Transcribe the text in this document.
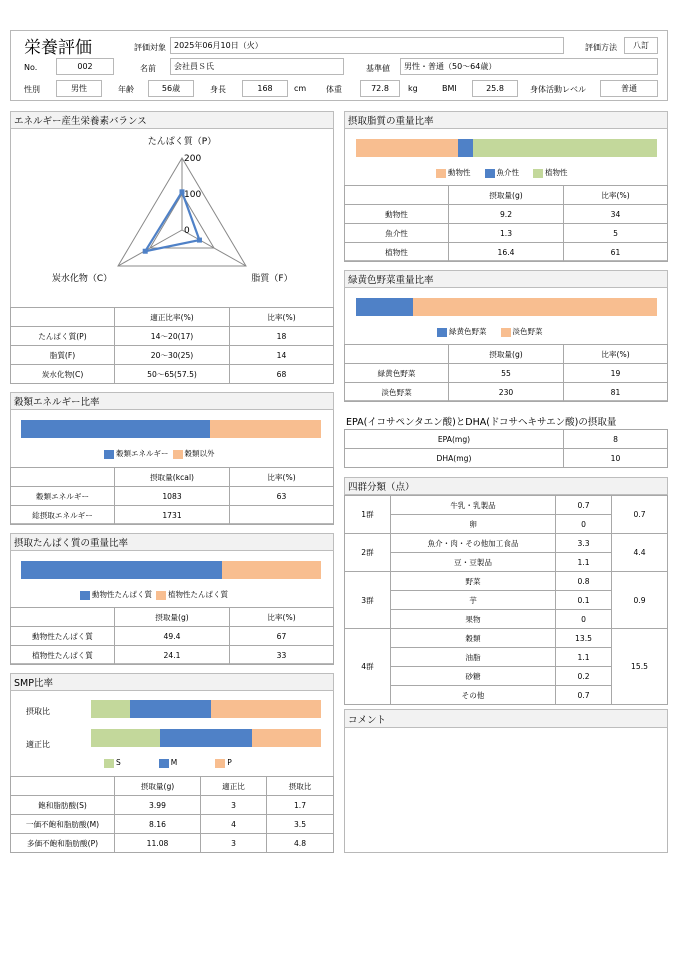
栄養評価	評価対象 2025年06月10日（火）	評価方法 八訂
No.	002	名前 会社員Ｓ氏	基準値 男性・普通（50～64歳）
性別	男性	年齢	56歳	身長	168	cm 体重	72.8 kg	BMI	25.8	身体活動レベル	普通
エネルギー産生栄養素バランス
200
100
0
たんぱく質（P）
脂質（F）
炭水化物（C）
	適正比率(%)	比率(%)
たんぱく質(P)	14～20(17)	18
脂質(F)	20～30(25)	14
炭水化物(C)	50～65(57.5)	68
穀類エネルギー比率
穀類エネルギー	穀類以外
	摂取量(kcal)	比率(%)
穀類エネルギー	1083	63
総摂取エネルギー	1731	
摂取たんぱく質の重量比率
動物性たんぱく質	植物性たんぱく質
	摂取量(g)	比率(%)
動物性たんぱく質	49.4	67
植物性たんぱく質	24.1	33
SMP比率
摂取比
適正比
S	M	P
	摂取量(g)	適正比	摂取比
飽和脂肪酸(S)	3.99	3	1.7
一価不飽和脂肪酸(M)	8.16	4	3.5
多価不飽和脂肪酸(P)	11.08	3	4.8
摂取脂質の重量比率
動物性	魚介性	植物性
	摂取量(g)	比率(%)
動物性	9.2	34
魚介性	1.3	5
植物性	16.4	61
緑黄色野菜重量比率
緑黄色野菜	淡色野菜
	摂取量(g)	比率(%)
緑黄色野菜	55	19
淡色野菜	230	81
EPA(イコサペンタエン酸)とDHA(ドコサヘキサエン酸)の摂取量
EPA(mg)	8
DHA(mg)	10
四群分類（点）
1群	牛乳・乳製品	0.7	0.7
	卵	0	
2群	魚介・肉・その他加工食品	3.3	4.4
	豆・豆製品	1.1	
3群	野菜	0.8	0.9
	芋	0.1	
	果物	0	
4群	穀類	13.5	15.5
	油脂	1.1	
	砂糖	0.2	
	その他	0.7	
コメント
